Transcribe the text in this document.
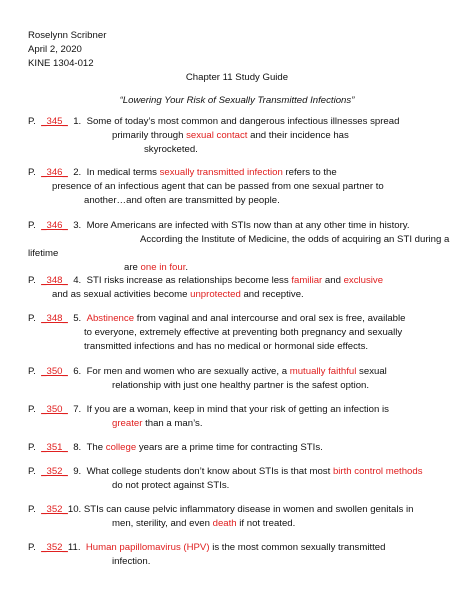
Roselynn Scribner
April 2, 2020
KINE 1304-012
Chapter 11 Study Guide
“Lowering Your Risk of Sexually Transmitted Infections”
P. _345_ 1. Some of today’s most common and dangerous infectious illnesses spread
primarily through sexual contact and their incidence has
skyrocketed.
P. _346_ 2. In medical terms sexually transmitted infection refers to the
presence of an infectious agent that can be passed from one sexual partner to
another…and often are transmitted by people.
P. _346_ 3. More Americans are infected with STIs now than at any other time in history.
According the Institute of Medicine, the odds of acquiring an STI during a
lifetime
are one in four.
P. _348_ 4. STI risks increase as relationships become less familiar and exclusive
and as sexual activities become unprotected and receptive.
P. _348_ 5. Abstinence from vaginal and anal intercourse and oral sex is free, available
to everyone, extremely effective at preventing both pregnancy and sexually
transmitted infections and has no medical or hormonal side effects.
P. _350_ 6. For men and women who are sexually active, a mutually faithful sexual
relationship with just one healthy partner is the safest option.
P. _350_ 7. If you are a woman, keep in mind that your risk of getting an infection is
greater than a man’s.
P. _351_ 8. The college years are a prime time for contracting STIs.
P. _352_ 9. What college students don’t know about STIs is that most birth control methods
do not protect against STIs.
P. _352_10. STIs can cause pelvic inflammatory disease in women and swollen genitals in
men, sterility, and even death if not treated.
P. _352_11. Human papillomavirus (HPV) is the most common sexually transmitted
infection.
